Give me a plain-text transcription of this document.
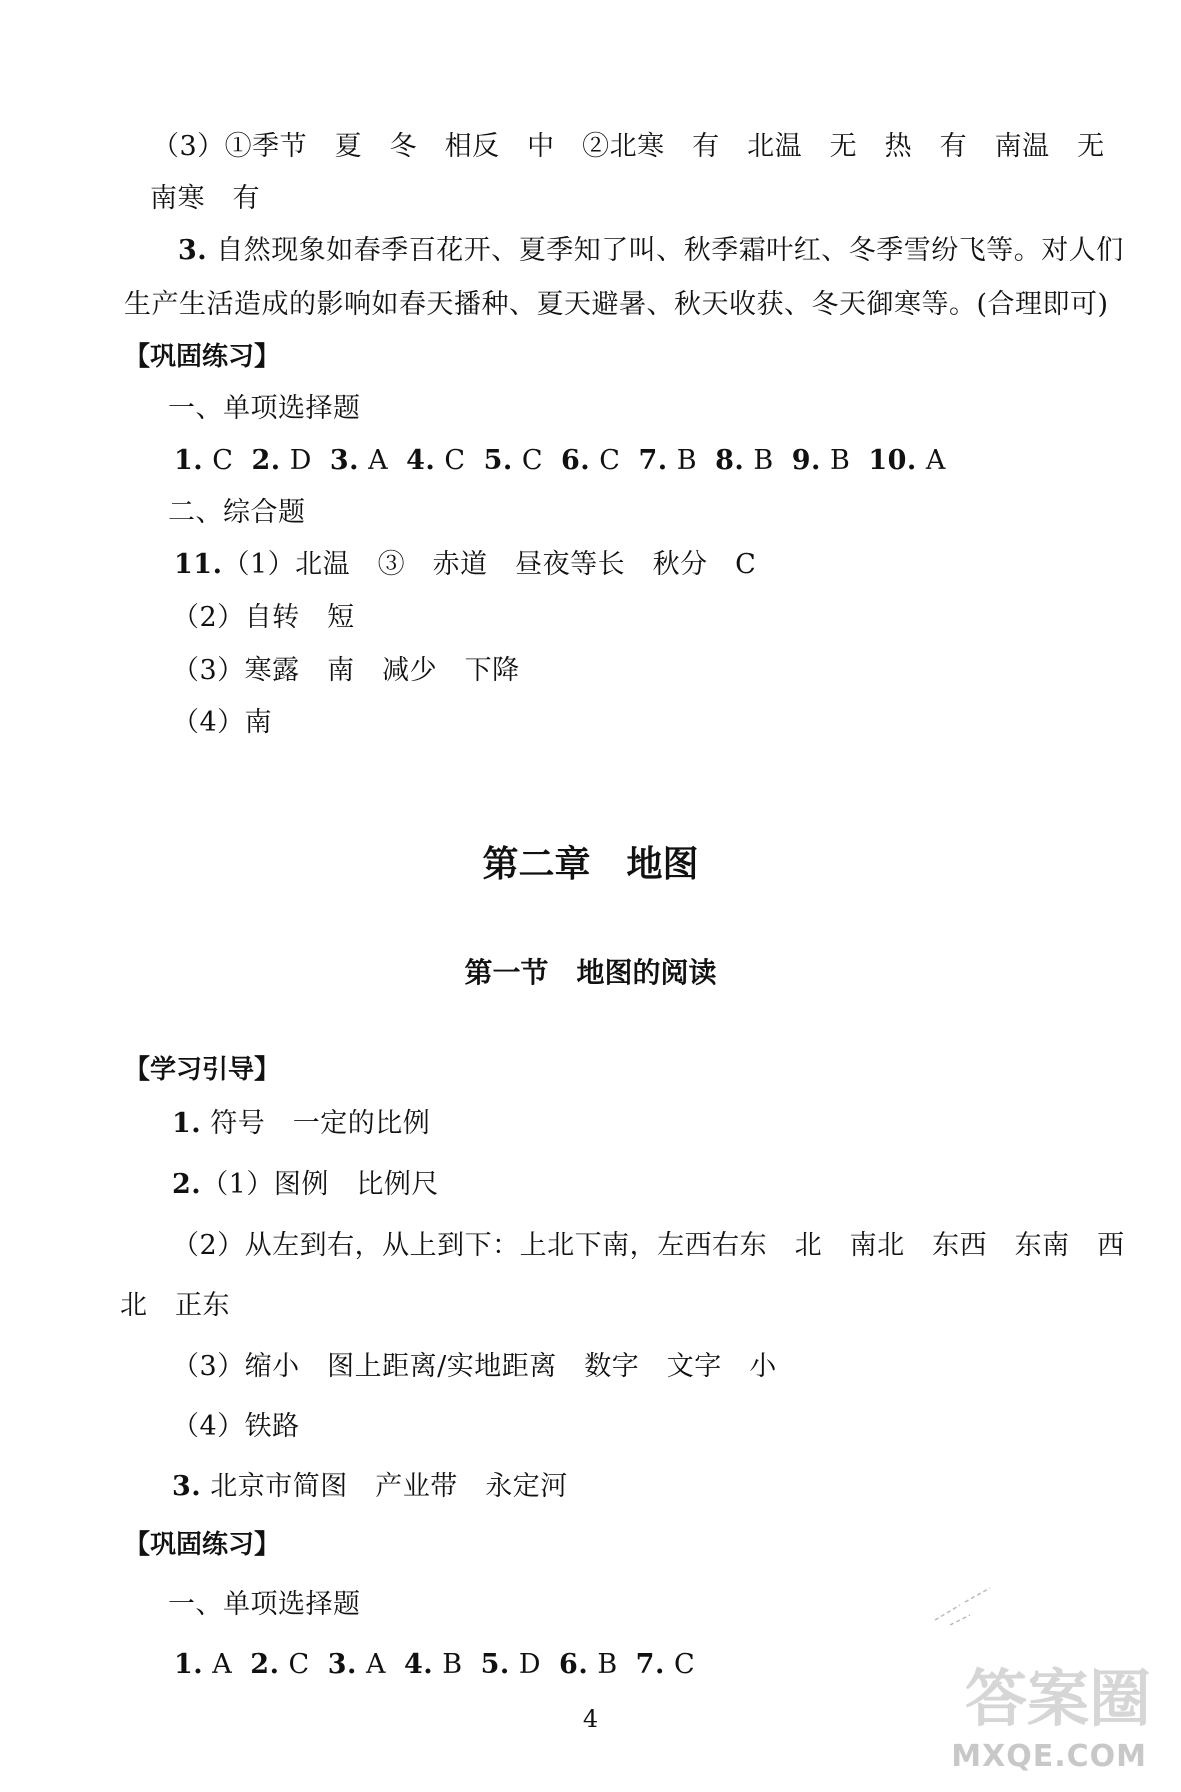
（3）①季节　夏　冬　相反　中　②北寒　有　北温　无　热　有　南温　无
南寒　有
3. 自然现象如春季百花开、夏季知了叫、秋季霜叶红、冬季雪纷飞等。对人们
生产生活造成的影响如春天播种、夏天避暑、秋天收获、冬天御寒等。(合理即可)
【巩固练习】
一、单项选择题
1. C 2. D 3. A 4. C 5. C 6. C 7. B 8. B 9. B 10. A
二、综合题
11.（1）北温　③　赤道　昼夜等长　秋分　C
（2）自转　短
（3）寒露　南　减少　下降
（4）南
第二章　地图
第一节　地图的阅读
【学习引导】
1. 符号　一定的比例
2.（1）图例　比例尺
（2）从左到右，从上到下：上北下南，左西右东　北　南北　东西　东南　西
北　正东
（3）缩小　图上距离/实地距离　数字　文字　小
（4）铁路
3. 北京市简图　产业带　永定河
【巩固练习】
一、单项选择题
1. A 2. C 3. A 4. B 5. D 6. B 7. C
4	答案圈
MXQE.COM
